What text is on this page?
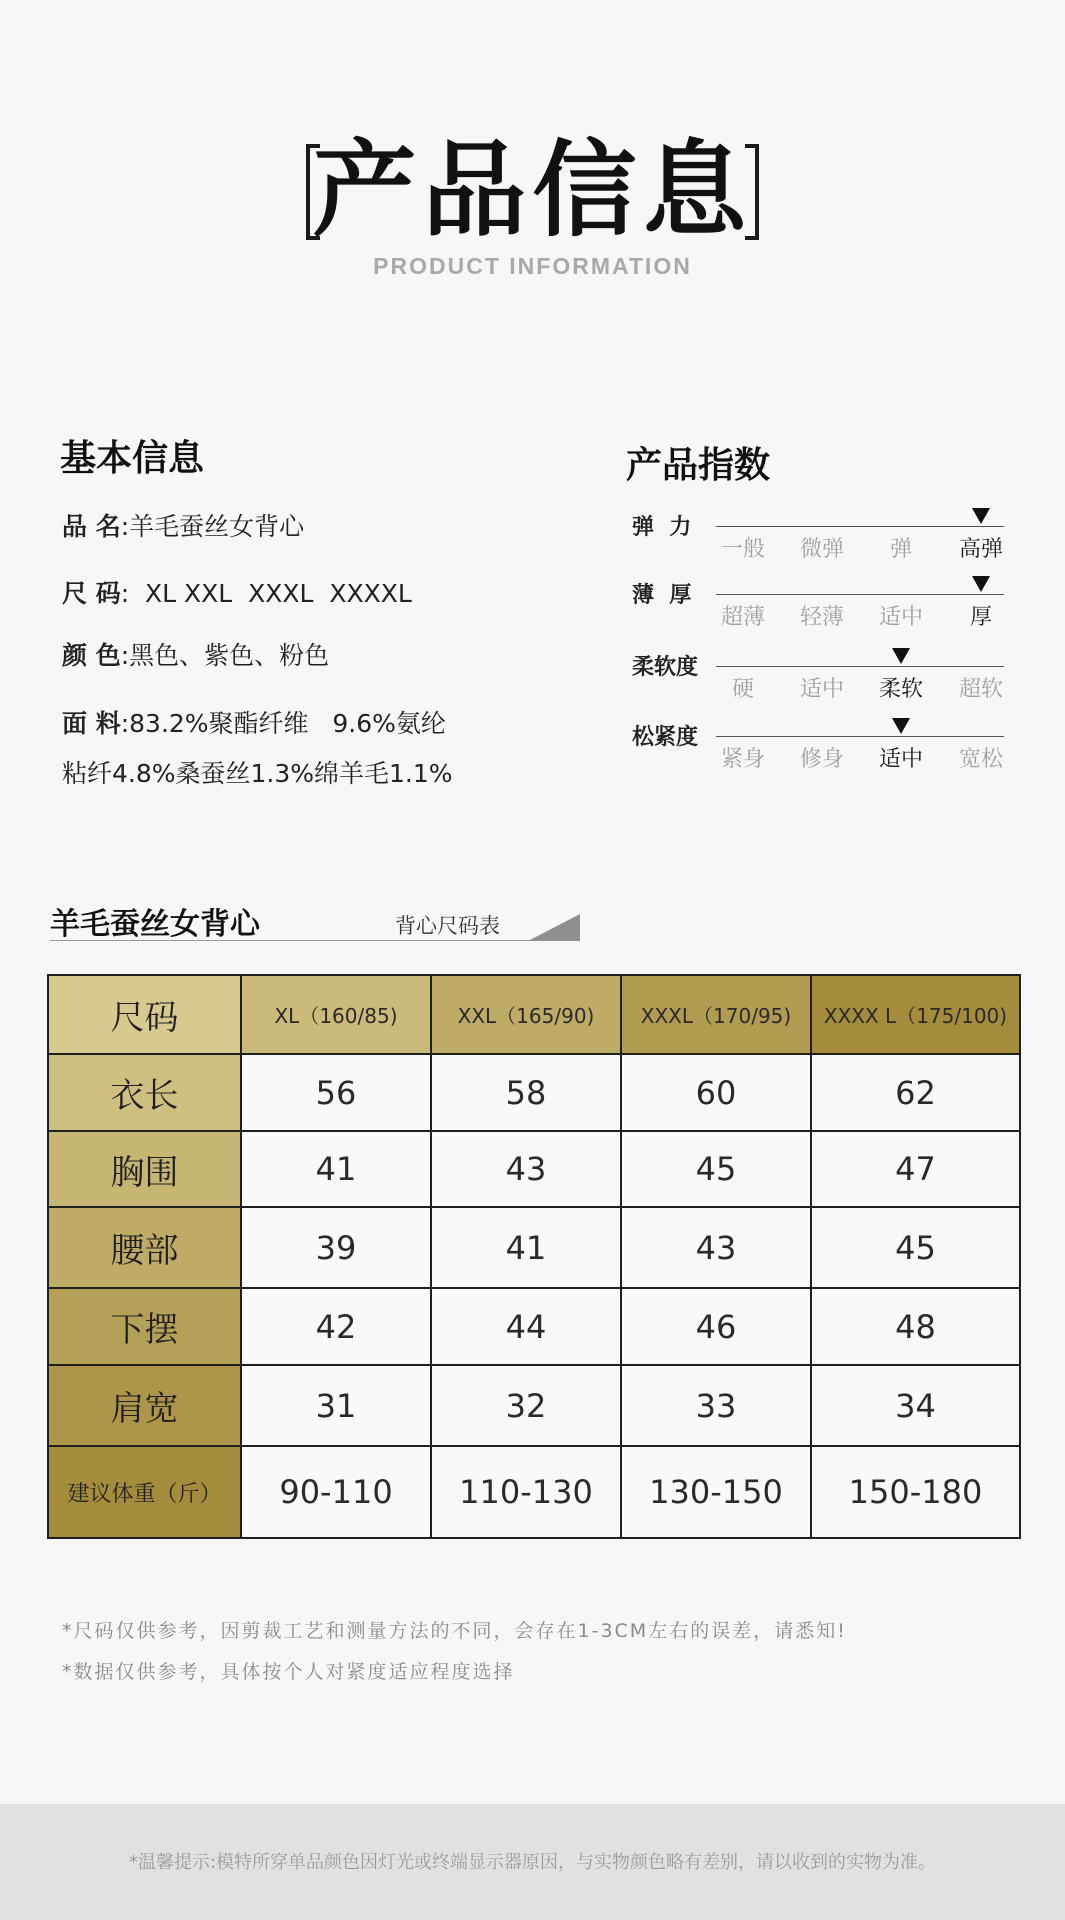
产品信息
PRODUCT INFORMATION
基本信息
品 名:羊毛蚕丝女背心
尺 码:  XL XXL  XXXL  XXXXL
颜 色:黑色、紫色、粉色
面 料:83.2%聚酯纤维   9.6%氨纶
粘纤4.8%桑蚕丝1.3%绵羊毛1.1%
产品指数
弹  力
一般	微弹	弹	高弹
薄  厚
超薄	轻薄	适中	厚
柔软度
硬	适中	柔软	超软
松紧度
紧身	修身	适中	宽松
羊毛蚕丝女背心	背心尺码表
尺码	XL（160/85)	XXL（165/90)	XXXL（170/95)	XXXX L（175/100)
衣长	56	58	60	62
胸围	41	43	45	47
腰部	39	41	43	45
下摆	42	44	46	48
肩宽	31	32	33	34
建议体重（斤）	90-110	110-130	130-150	150-180
*尺码仅供参考，因剪裁工艺和测量方法的不同，会存在1-3CM左右的误差，请悉知!
*数据仅供参考，具体按个人对紧度适应程度选择
*温馨提示:模特所穿单品颜色因灯光或终端显示器原因，与实物颜色略有差别，请以收到的实物为准。
